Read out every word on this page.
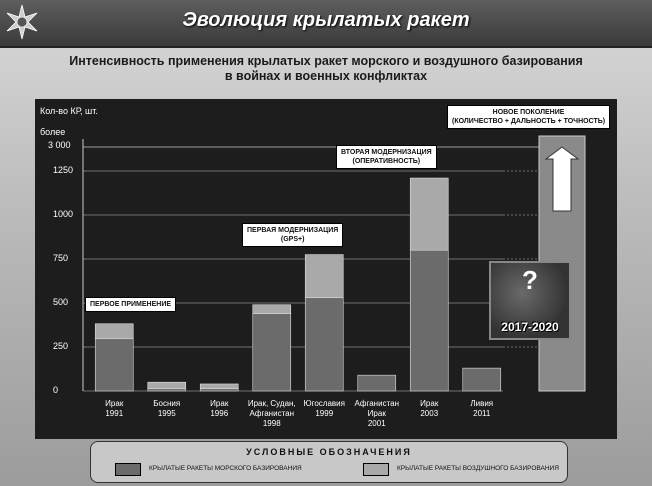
Эволюция крылатых ракет
Интенсивность применения крылатых ракет морского и воздушного базирования
в войнах и военных конфликтах
Кол-во КР, шт.
более
3 000
0
250
500
750
1000
1250
Ирак
1991
Босния
1995
Ирак
1996
Ирак, Судан,
Афганистан
1998
Югославия
1999
Афганистан
Ирак
2001
Ирак
2003
Ливия
2011
ПЕРВОЕ ПРИМЕНЕНИЕ
ПЕРВАЯ МОДЕРНИЗАЦИЯ
(GPS+)
ВТОРАЯ МОДЕРНИЗАЦИЯ
(ОПЕРАТИВНОСТЬ)
НОВОЕ ПОКОЛЕНИЕ
(КОЛИЧЕСТВО + ДАЛЬНОСТЬ + ТОЧНОСТЬ)
?
2017-2020
УСЛОВНЫЕ ОБОЗНАЧЕНИЯ
КРЫЛАТЫЕ РАКЕТЫ МОРСКОГО БАЗИРОВАНИЯ	КРЫЛАТЫЕ РАКЕТЫ ВОЗДУШНОГО БАЗИРОВАНИЯ
